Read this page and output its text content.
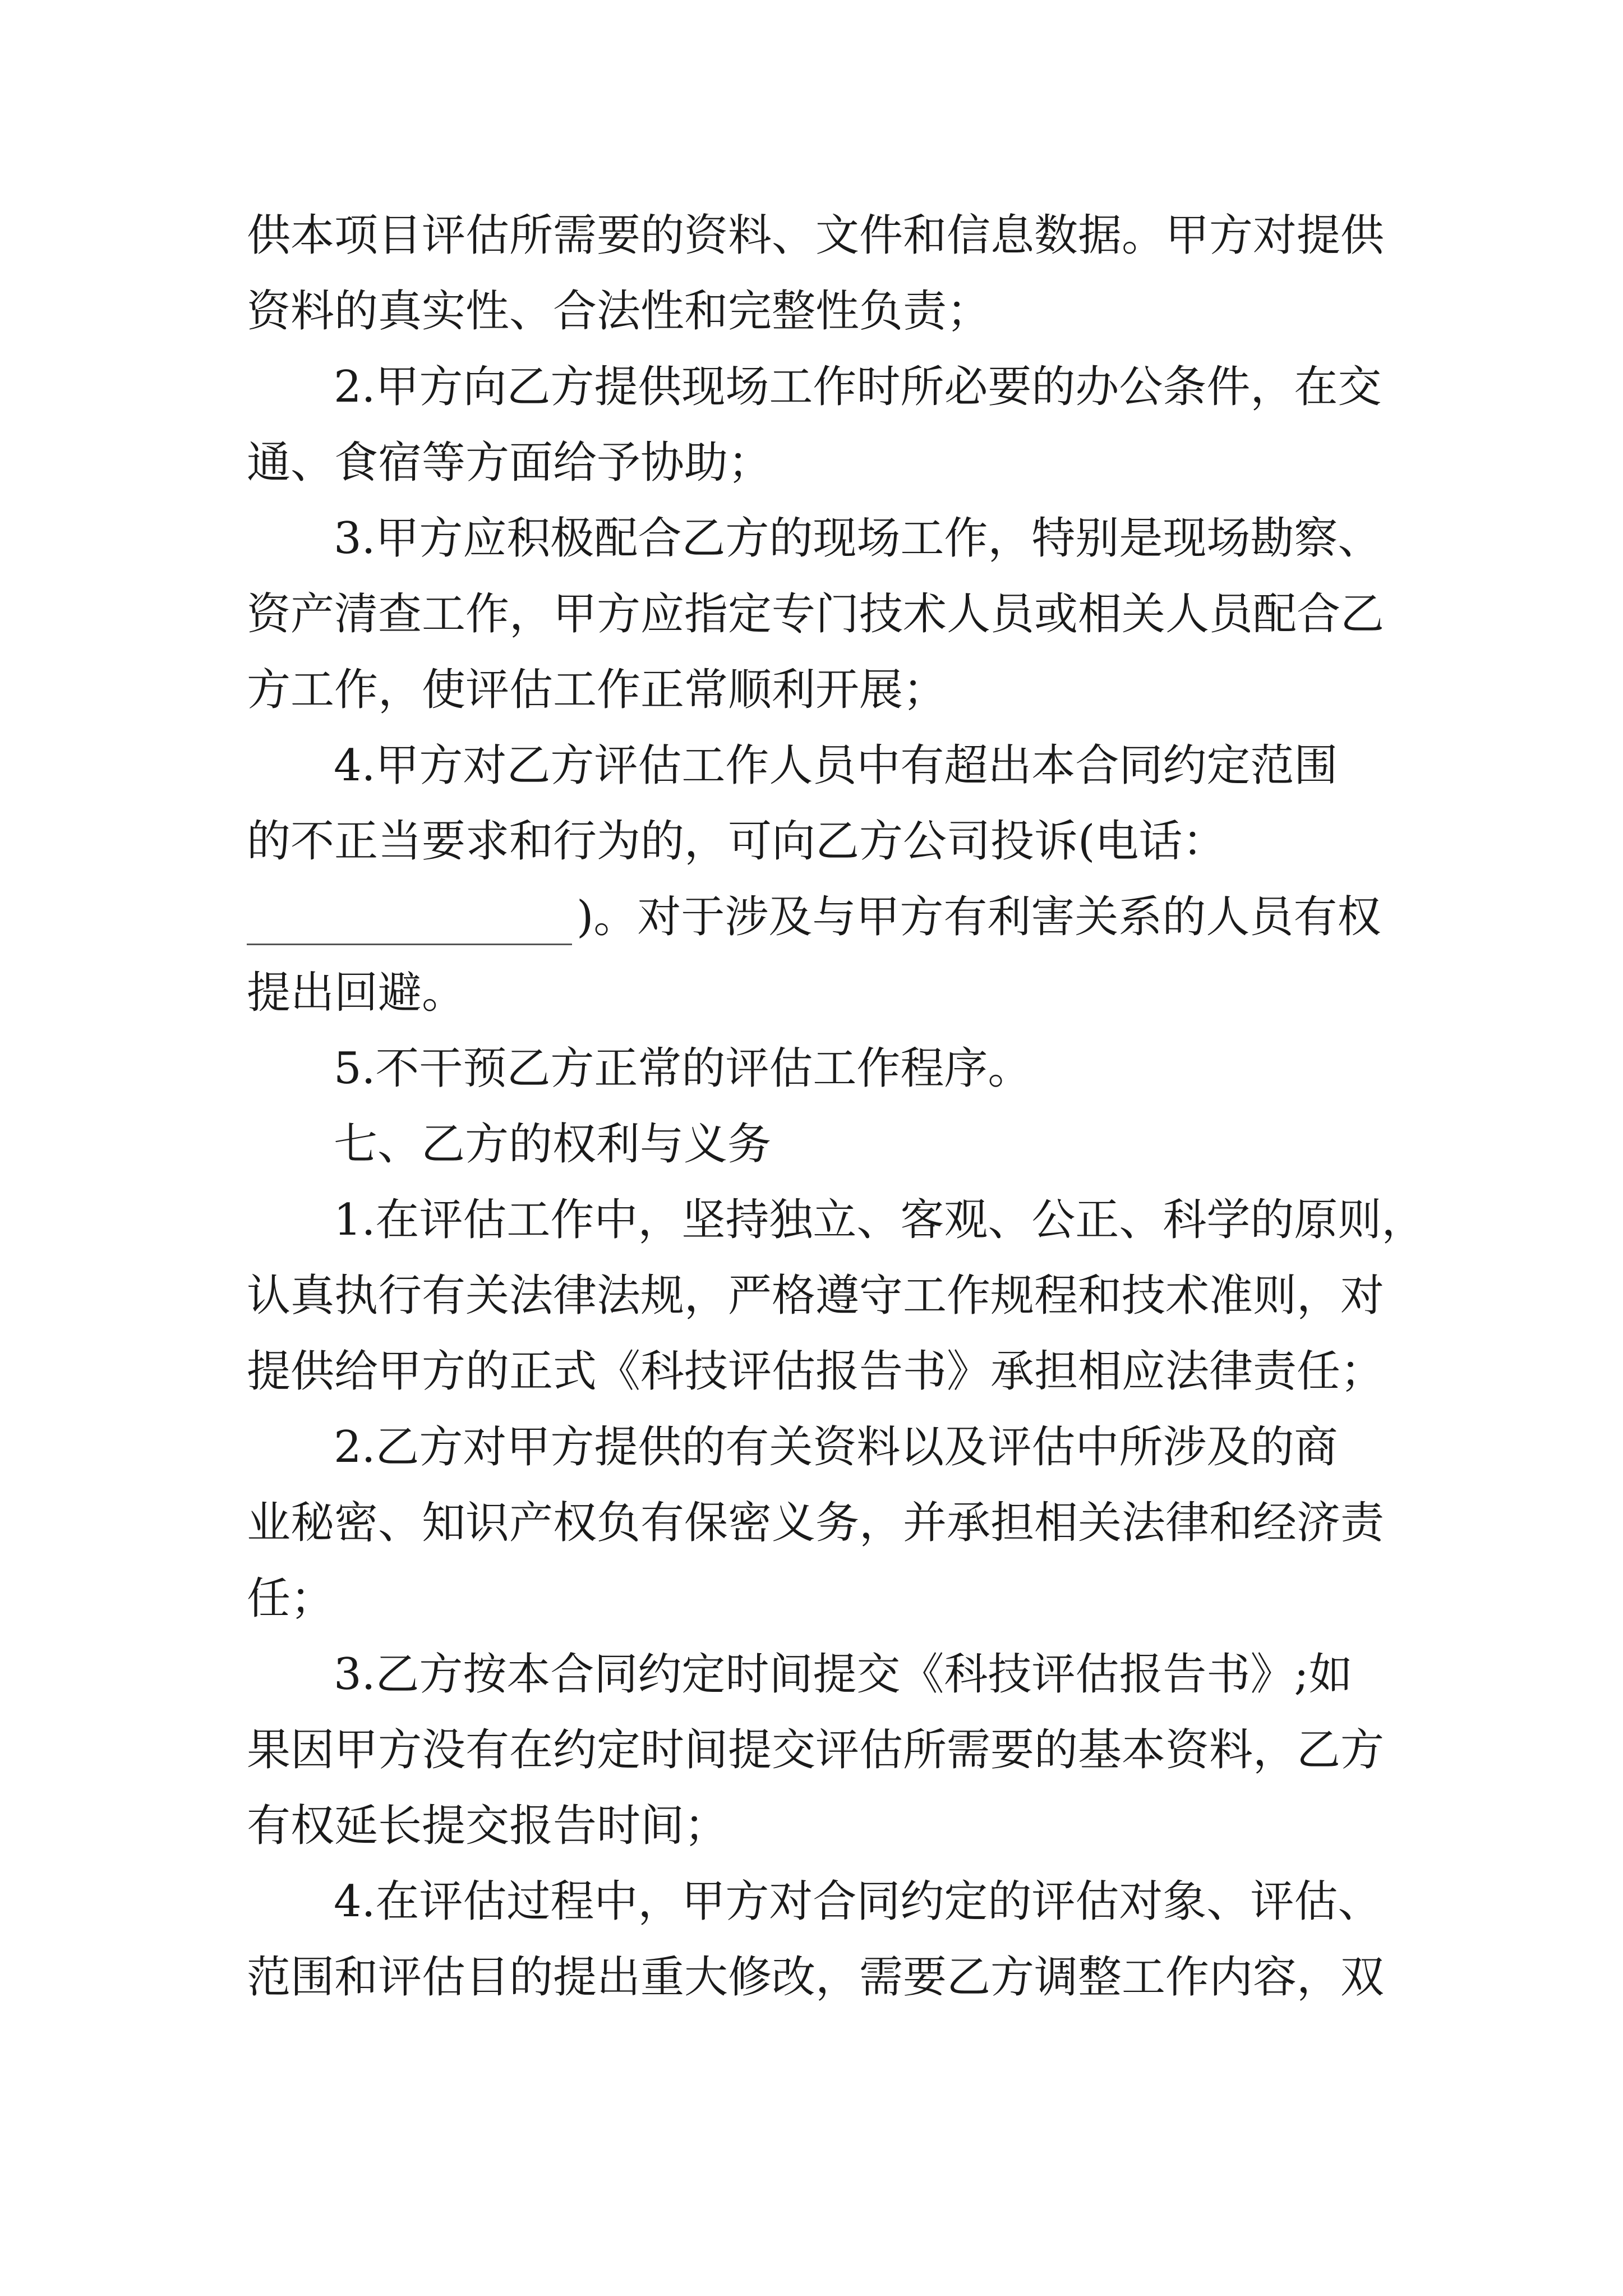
供本项目评估所需要的资料、文件和信息数据。甲方对提供
资料的真实性、合法性和完整性负责；
2.甲方向乙方提供现场工作时所必要的办公条件，在交
通、食宿等方面给予协助；
3.甲方应积极配合乙方的现场工作，特别是现场勘察、
资产清查工作，甲方应指定专门技术人员或相关人员配合乙
方工作，使评估工作正常顺利开展；
4.甲方对乙方评估工作人员中有超出本合同约定范围
的不正当要求和行为的，可向乙方公司投诉(电话：
)。对于涉及与甲方有利害关系的人员有权
提出回避。
5.不干预乙方正常的评估工作程序。
七、乙方的权利与义务
1.在评估工作中，坚持独立、客观、公正、科学的原则，
认真执行有关法律法规，严格遵守工作规程和技术准则，对
提供给甲方的正式《科技评估报告书》承担相应法律责任；
2.乙方对甲方提供的有关资料以及评估中所涉及的商
业秘密、知识产权负有保密义务，并承担相关法律和经济责
任；
3.乙方按本合同约定时间提交《科技评估报告书》;如
果因甲方没有在约定时间提交评估所需要的基本资料，乙方
有权延长提交报告时间；
4.在评估过程中，甲方对合同约定的评估对象、评估、
范围和评估目的提出重大修改，需要乙方调整工作内容，双
